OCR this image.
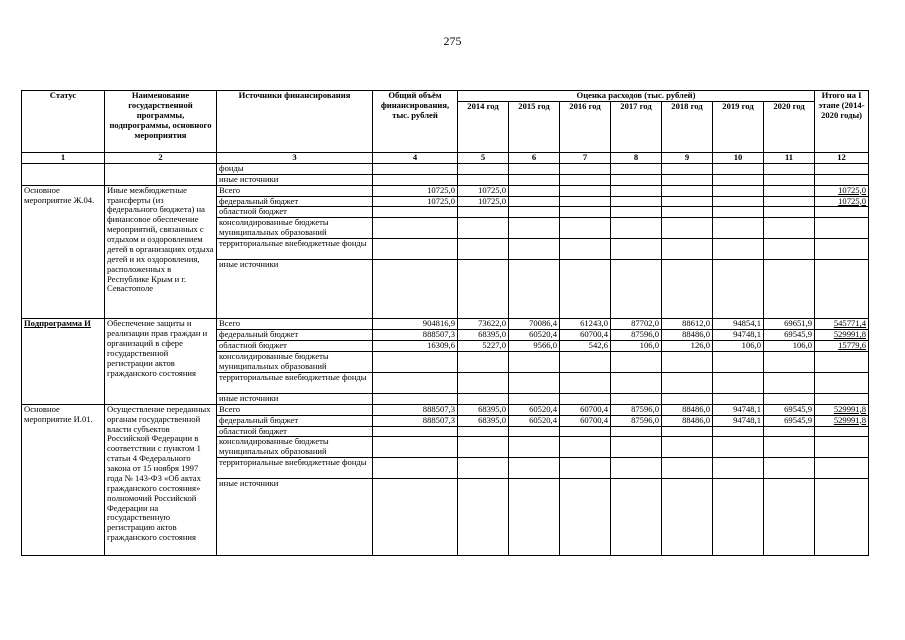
275
Статус	Наименование государственной программы, подпрограммы, основного мероприятия	Источники финансирования	Общий объём финансирования, тыс. рублей	Оценка расходов (тыс. рублей)							Итого на I этапе (2014-2020 годы)
				2014 год	2015 год	2016 год	2017 год	2018 год	2019 год	2020 год	
1	2	3	4	5	6	7	8	9	10	11	12
		фонды									
		иные источники									
Основное мероприятие Ж.04.	Иные межбюджетные трансферты (из федерального бюджета) на финансовое обеспечение мероприятий, связанных с отдыхом и оздоровлением детей в организациях отдыха детей и их оздоровления, расположенных в Республике Крым и г. Севастополе	Всего	10725,0	10725,0							10725,0
		федеральный бюджет	10725,0	10725,0							10725,0
		областной бюджет									
		консолидированные бюджеты муниципальных образований									
		территориальные внебюджетные фонды									
		иные источники									
Подпрограмма И	Обеспечение защиты и реализации прав граждан и организаций в сфере государственной регистрации актов гражданского состояния	Всего	904816,9	73622,0	70086,4	61243,0	87702,0	88612,0	94854,1	69651,9	545771,4
		федеральный бюджет	888507,3	68395,0	60520,4	60700,4	87596,0	88486,0	94748,1	69545,9	529991,8
		областной бюджет	16309,6	5227,0	9566,0	542,6	106,0	126,0	106,0	106,0	15779,6
		консолидированные бюджеты муниципальных образований									
		территориальные внебюджетные фонды									
		иные источники									
Основное мероприятие И.01.	Осуществление переданных органам государственной власти субъектов Российской Федерации в соответствии с пунктом 1 статьи 4 Федерального закона от 15 ноября 1997 года № 143-ФЗ «Об актах гражданского состояния» полномочий Российской Федерации на государственную регистрацию актов гражданского состояния	Всего	888507,3	68395,0	60520,4	60700,4	87596,0	88486,0	94748,1	69545,9	529991,8
		федеральный бюджет	888507,3	68395,0	60520,4	60700,4	87596,0	88486,0	94748,1	69545,9	529991,8
		областной бюджет									
		консолидированные бюджеты муниципальных образований									
		территориальные внебюджетные фонды									
		иные источники									
